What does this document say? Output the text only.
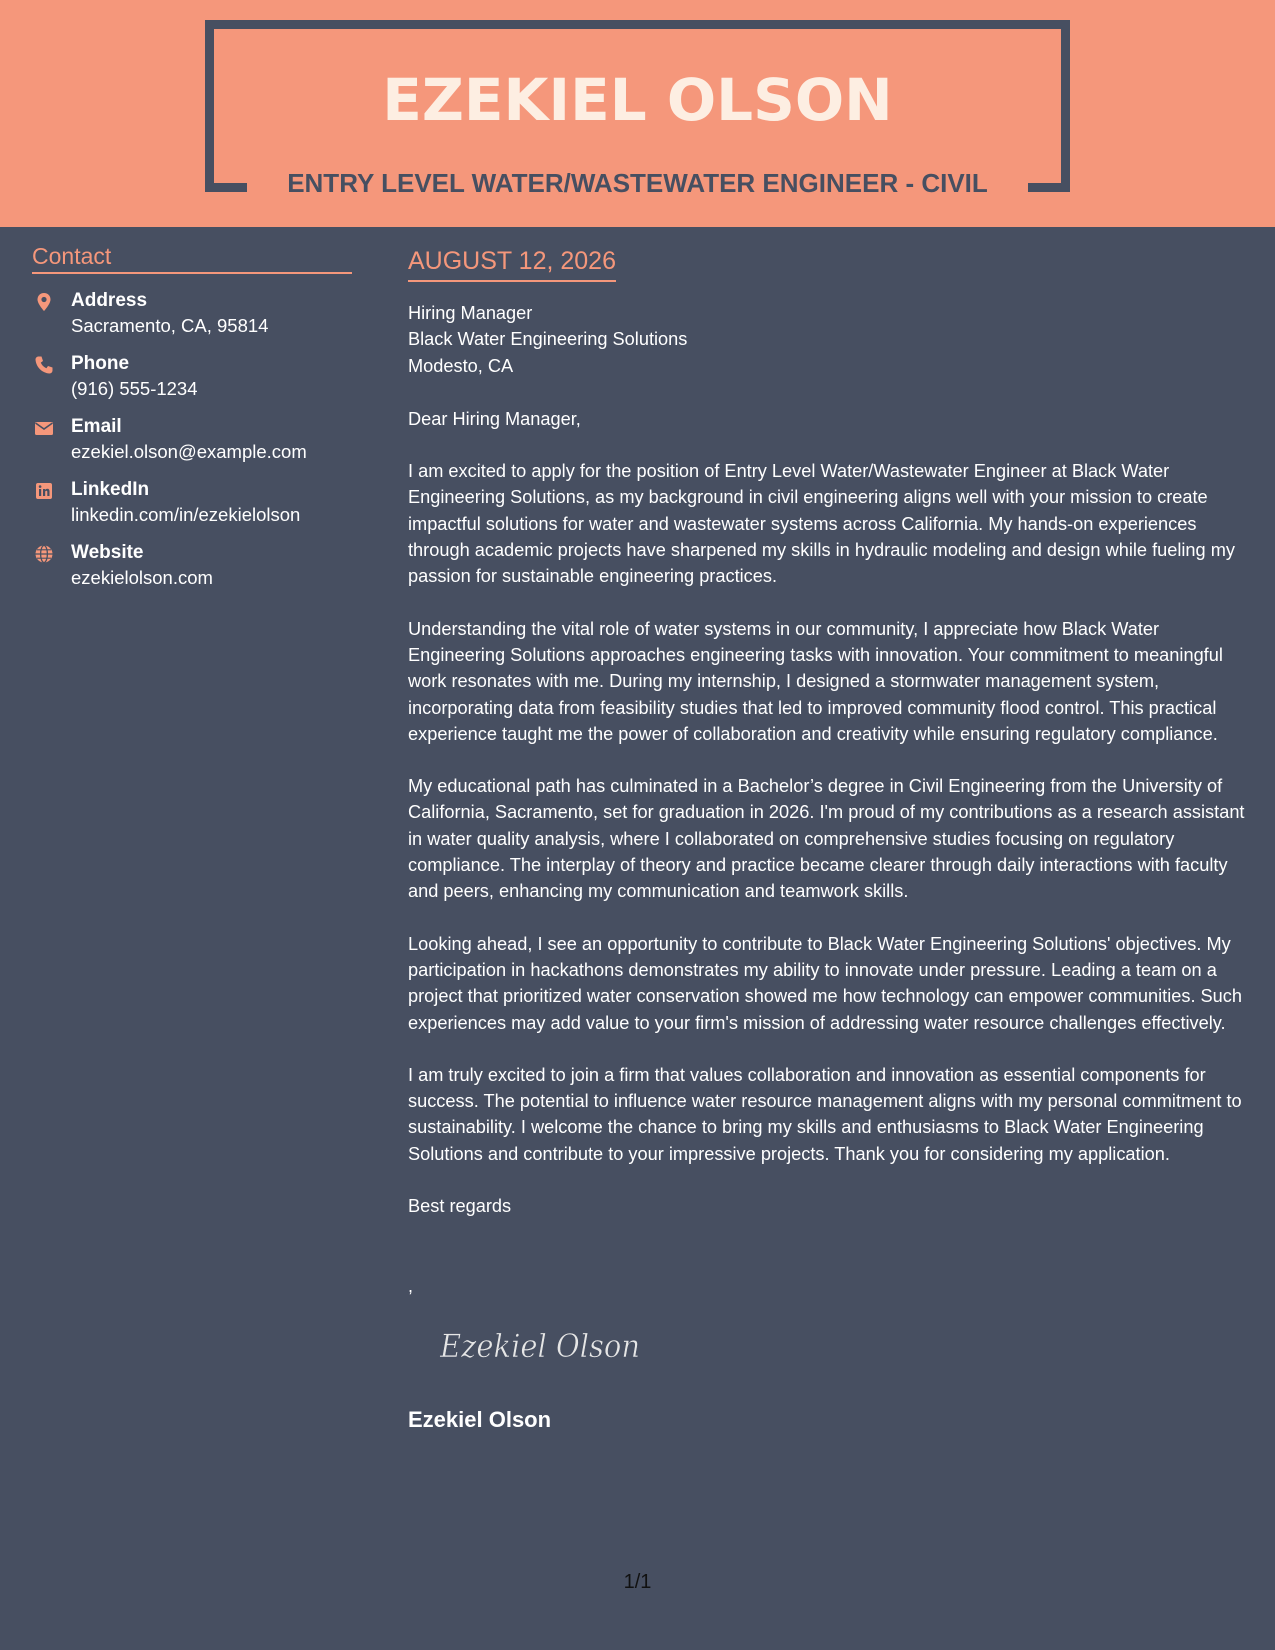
EZEKIEL OLSON
ENTRY LEVEL WATER/WASTEWATER ENGINEER - CIVIL
Contact
Address
Sacramento, CA, 95814
Phone
(916) 555-1234
Email
ezekiel.olson@example.com
LinkedIn
linkedin.com/in/ezekielolson
Website
ezekielolson.com
AUGUST 12, 2026
Hiring Manager
Black Water Engineering Solutions
Modesto, CA
Dear Hiring Manager,
I am excited to apply for the position of Entry Level Water/Wastewater Engineer at Black Water Engineering Solutions, as my background in civil engineering aligns well with your mission to create impactful solutions for water and wastewater systems across California. My hands-on experiences through academic projects have sharpened my skills in hydraulic modeling and design while fueling my passion for sustainable engineering practices.
Understanding the vital role of water systems in our community, I appreciate how Black Water Engineering Solutions approaches engineering tasks with innovation. Your commitment to meaningful work resonates with me. During my internship, I designed a stormwater management system, incorporating data from feasibility studies that led to improved community flood control. This practical experience taught me the power of collaboration and creativity while ensuring regulatory compliance.
My educational path has culminated in a Bachelor’s degree in Civil Engineering from the University of California, Sacramento, set for graduation in 2026. I'm proud of my contributions as a research assistant in water quality analysis, where I collaborated on comprehensive studies focusing on regulatory compliance. The interplay of theory and practice became clearer through daily interactions with faculty and peers, enhancing my communication and teamwork skills.
Looking ahead, I see an opportunity to contribute to Black Water Engineering Solutions' objectives. My participation in hackathons demonstrates my ability to innovate under pressure. Leading a team on a project that prioritized water conservation showed me how technology can empower communities. Such experiences may add value to your firm's mission of addressing water resource challenges effectively.
I am truly excited to join a firm that values collaboration and innovation as essential components for success. The potential to influence water resource management aligns with my personal commitment to sustainability. I welcome the chance to bring my skills and enthusiasms to Black Water Engineering Solutions and contribute to your impressive projects. Thank you for considering my application.
Best regards
,
Ezekiel Olson
Ezekiel Olson
1/1
